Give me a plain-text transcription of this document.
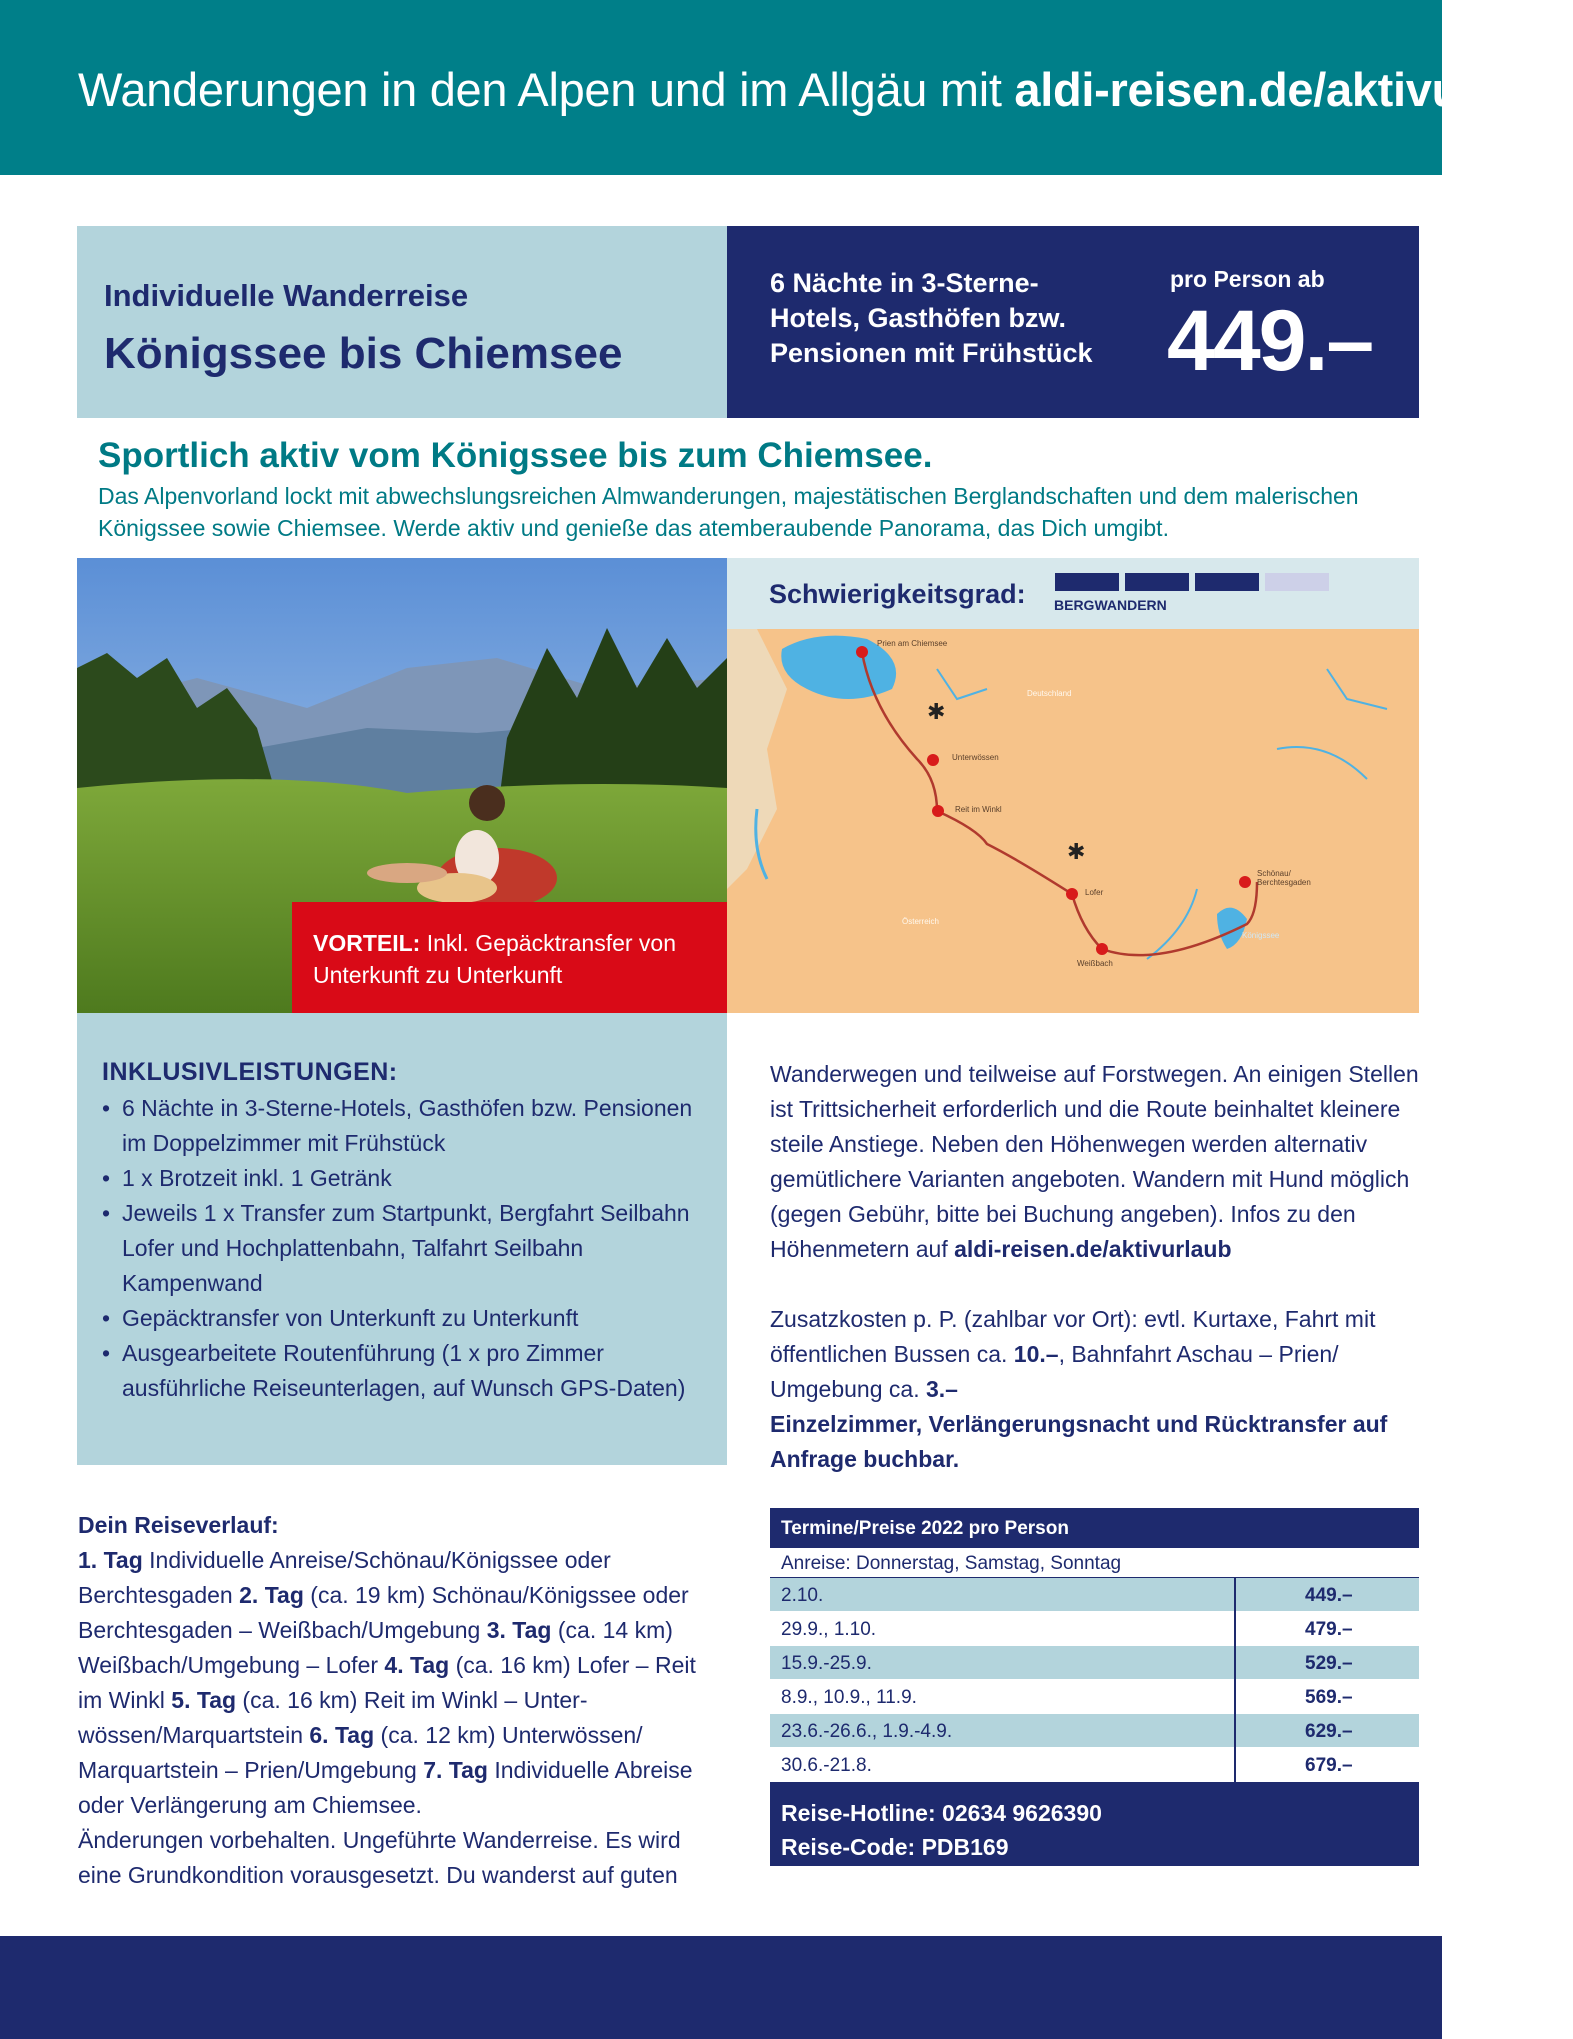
Wanderungen in den Alpen und im Allgäu mit aldi-reisen.de/aktivurlaub
Individuelle Wanderreise
Königssee bis Chiemsee
6 Nächte in 3-Sterne-Hotels, Gasthöfen bzw. Pensionen mit Frühstück
pro Person ab
449.–
Sportlich aktiv vom Königssee bis zum Chiemsee.
Das Alpenvorland lockt mit abwechslungsreichen Almwanderungen, majestätischen Berglandschaften und dem malerischen Königssee sowie Chiemsee. Werde aktiv und genieße das atemberaubende Panorama, das Dich umgibt.
VORTEIL: Inkl. Gepäcktransfer von Unterkunft zu Unterkunft
Schwierigkeitsgrad: BERGWANDERN
✱
✱
Prien am Chiemsee
Unterwössen
Reit im Winkl
Lofer
Weißbach
Schönau/ Berchtesgaden
Deutschland
Österreich
Königssee
INKLUSIVLEISTUNGEN:
• 6 Nächte in 3-Sterne-Hotels, Gasthöfen bzw. Pensionen im Doppelzimmer mit Frühstück
• 1 x Brotzeit inkl. 1 Getränk
• Jeweils 1 x Transfer zum Startpunkt, Bergfahrt Seilbahn Lofer und Hochplattenbahn, Talfahrt Seilbahn Kampenwand
• Gepäcktransfer von Unterkunft zu Unterkunft
• Ausgearbeitete Routenführung (1 x pro Zimmer ausführliche Reiseunterlagen, auf Wunsch GPS-Daten)
Dein Reiseverlauf:
1. Tag Individuelle Anreise/Schönau/Königssee oder Berchtesgaden 2. Tag (ca. 19 km) Schönau/Königssee oder Berchtesgaden – Weißbach/Umgebung 3. Tag (ca. 14 km) Weißbach/Umgebung – Lofer 4. Tag (ca. 16 km) Lofer – Reit im Winkl 5. Tag (ca. 16 km) Reit im Winkl – Unter-wössen/Marquartstein 6. Tag (ca. 12 km) Unterwössen/ Marquartstein – Prien/Umgebung 7. Tag Individuelle Abreise oder Verlängerung am Chiemsee.
Änderungen vorbehalten. Ungeführte Wanderreise. Es wird eine Grundkondition vorausgesetzt. Du wanderst auf guten

Wanderwegen und teilweise auf Forstwegen. An einigen Stellen ist Trittsicherheit erforderlich und die Route beinhaltet kleinere steile Anstiege. Neben den Höhenwegen werden alternativ gemütlichere Varianten angeboten. Wandern mit Hund möglich (gegen Gebühr, bitte bei Buchung angeben). Infos zu den Höhenmetern auf aldi-reisen.de/aktivurlaub

Zusatzkosten p. P. (zahlbar vor Ort): evtl. Kurtaxe, Fahrt mit öffentlichen Bussen ca. 10.–, Bahnfahrt Aschau – Prien/ Umgebung ca. 3.–
Einzelzimmer, Verlängerungsnacht und Rücktransfer auf Anfrage buchbar.
Termine/Preise 2022 pro Person
Anreise: Donnerstag, Samstag, Sonntag
2.10.	449.–
29.9., 1.10.	479.–
15.9.-25.9.	529.–
8.9., 10.9., 11.9.	569.–
23.6.-26.6., 1.9.-4.9.	629.–
30.6.-21.8.	679.–
Reise-Hotline: 02634 9626390
Reise-Code: PDB169
